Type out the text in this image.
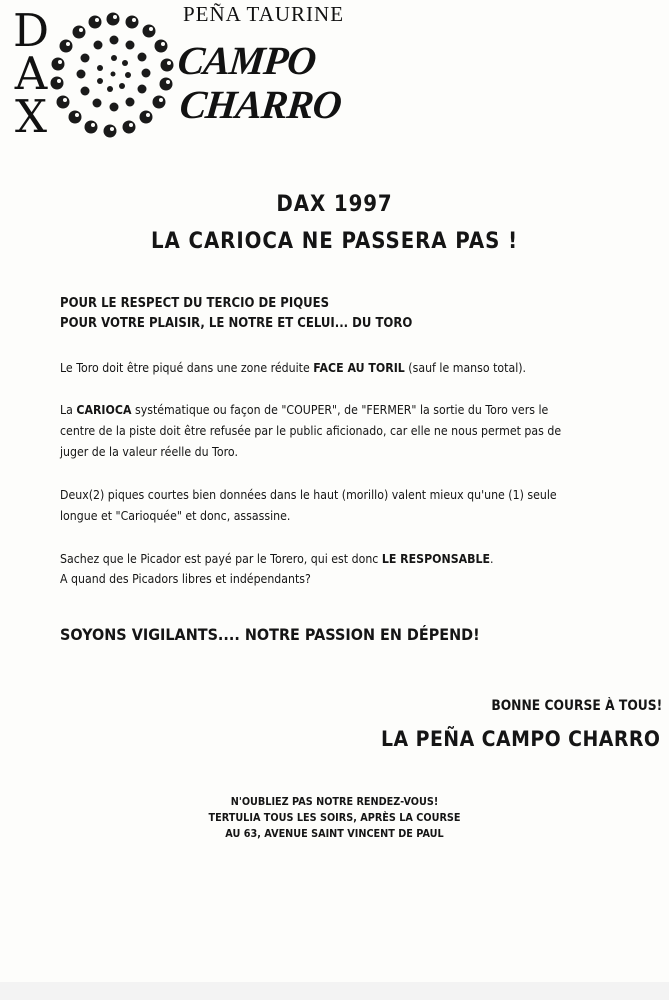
D
A
X
PEÑA TAURINE
CAMPO
CHARRO
DAX 1997
LA CARIOCA NE PASSERA PAS !
POUR LE RESPECT DU TERCIO DE PIQUES
POUR VOTRE PLAISIR, LE NOTRE ET CELUI... DU TORO
Le Toro doit être piqué dans une zone réduite FACE AU TORIL (sauf le manso total).
La CARIOCA systématique ou façon de "COUPER", de "FERMER" la sortie du Toro vers le
centre de la piste doit être refusée par le public aficionado, car elle ne nous permet pas de
juger de la valeur réelle du Toro.
Deux(2) piques courtes bien données dans le haut (morillo) valent mieux qu'une (1) seule
longue et "Carioquée" et donc, assassine.
Sachez que le Picador est payé par le Torero, qui est donc LE RESPONSABLE.
A quand des Picadors libres et indépendants?
SOYONS VIGILANTS.... NOTRE PASSION EN DÉPEND!
BONNE COURSE À TOUS!
LA PEÑA CAMPO CHARRO
N'OUBLIEZ PAS NOTRE RENDEZ-VOUS!
TERTULIA TOUS LES SOIRS, APRÈS LA COURSE
AU 63, AVENUE SAINT VINCENT DE PAUL
